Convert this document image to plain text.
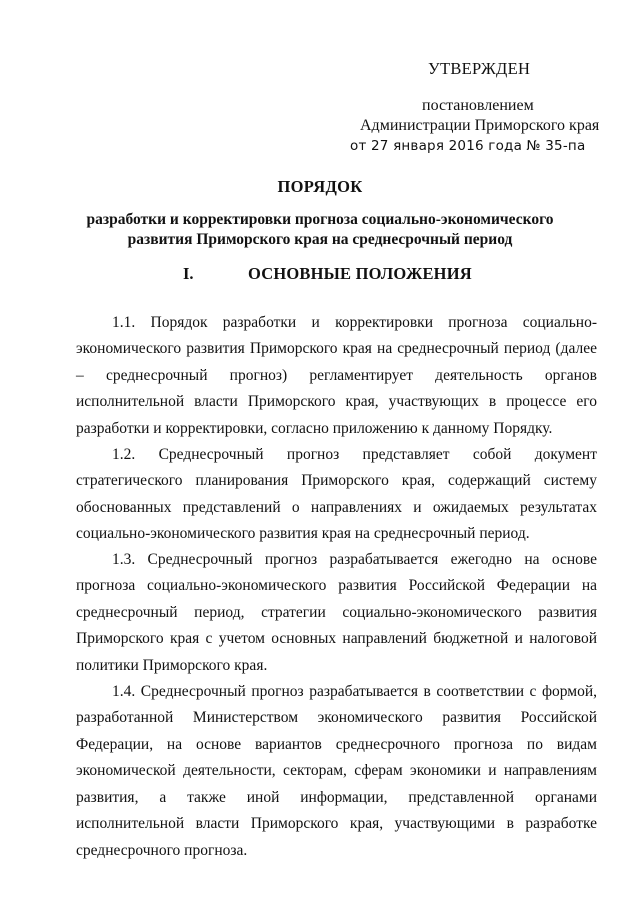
УТВЕРЖДЕН
постановлением
Администрации Приморского края
от 27 января 2016 года № 35-па
ПОРЯДОК
разработки и корректировки прогноза социально-экономического развития Приморского края на среднесрочный период
I.	ОСНОВНЫЕ ПОЛОЖЕНИЯ

1.1. Порядок разработки и корректировки прогноза социально-экономического развития Приморского края на среднесрочный период (далее – среднесрочный прогноз) регламентирует деятельность органов исполнительной власти Приморского края, участвующих в процессе его разработки и корректировки, согласно приложению к данному Порядку.

1.2. Среднесрочный прогноз представляет собой документ стратегического планирования Приморского края, содержащий систему обоснованных представлений о направлениях и ожидаемых результатах социально-экономического развития края на среднесрочный период.

1.3. Среднесрочный прогноз разрабатывается ежегодно на основе прогноза социально-экономического развития Российской Федерации на среднесрочный период, стратегии социально-экономического развития Приморского края с учетом основных направлений бюджетной и налоговой политики Приморского края.

1.4. Среднесрочный прогноз разрабатывается в соответствии с формой, разработанной Министерством экономического развития Российской Федерации, на основе вариантов среднесрочного прогноза по видам экономической деятельности, секторам, сферам экономики и направлениям развития, а также иной информации, представленной органами исполнительной власти Приморского края, участвующими в разработке среднесрочного прогноза.
